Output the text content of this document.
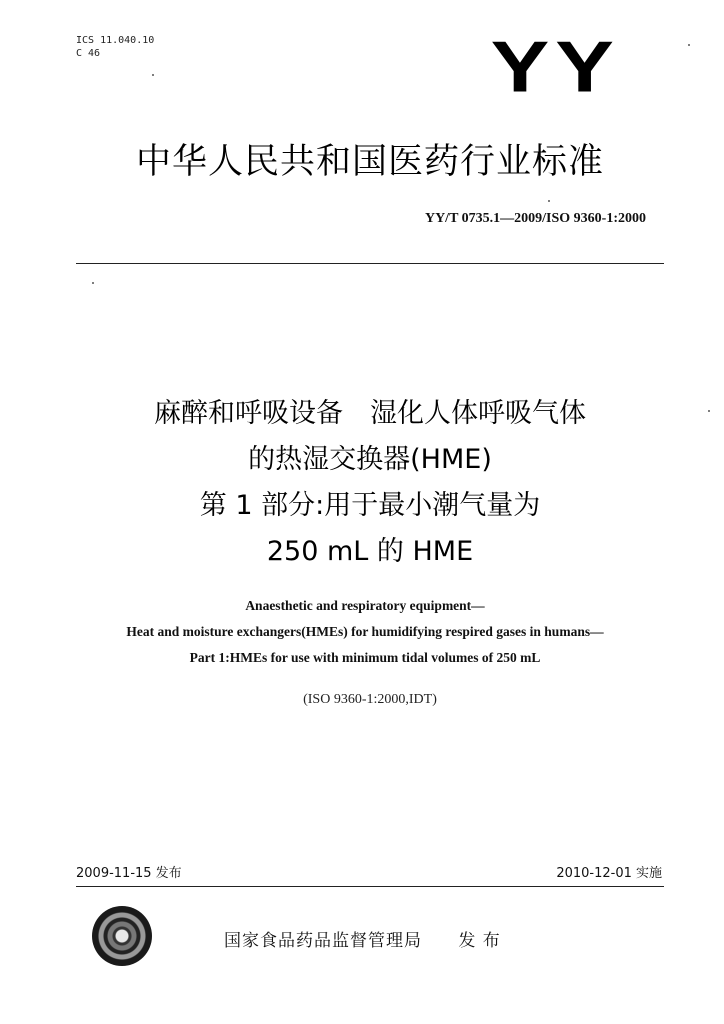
ICS 11.040.10
C 46	YY
中华人民共和国医药行业标准
YY/T 0735.1—2009/ISO 9360-1:2000
麻醉和呼吸设备　湿化人体呼吸气体
的热湿交换器(HME)
第 1 部分:用于最小潮气量为
250 mL 的 HME
Anaesthetic and respiratory equipment—
Heat and moisture exchangers(HMEs) for humidifying respired gases in humans—
Part 1:HMEs for use with minimum tidal volumes of 250 mL
(ISO 9360-1:2000,IDT)
2009-11-15 发布	2010-12-01 实施
国家食品药品监督管理局 发 布
